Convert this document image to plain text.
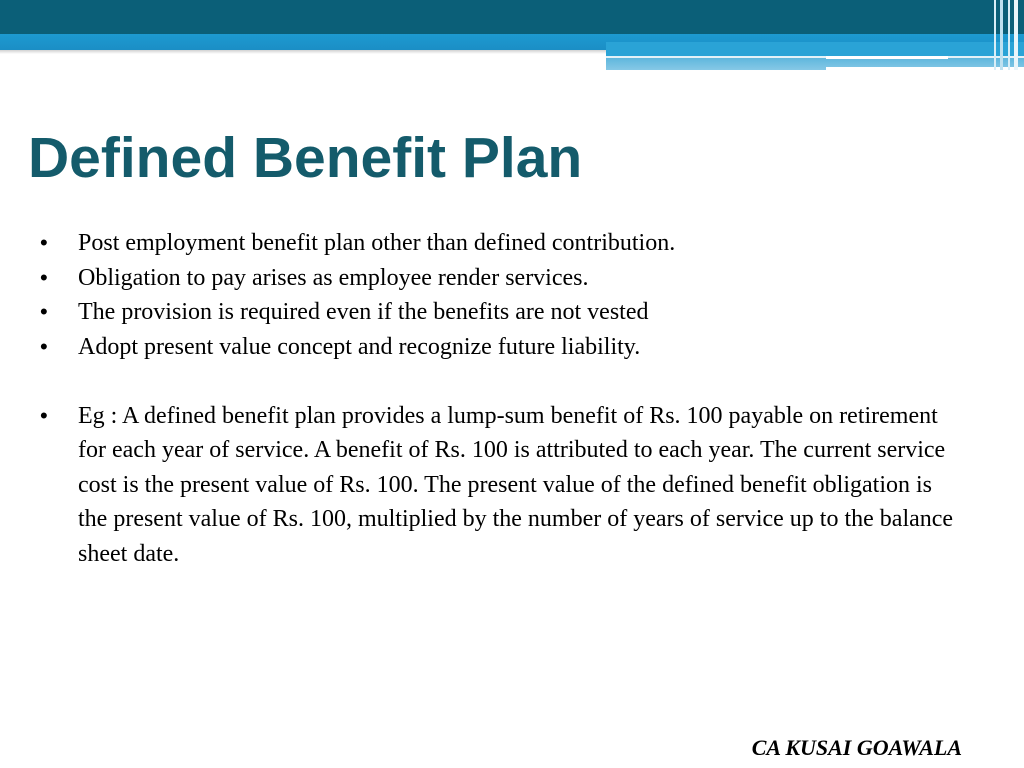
Defined Benefit Plan
• Post employment benefit plan other than defined contribution.
• Obligation to pay arises as employee render services.
• The provision is required even if the benefits are not vested
• Adopt present value concept and recognize future liability.
• Eg : A defined benefit plan provides a lump-sum benefit of Rs. 100 payable on retirement for each year of service. A benefit of Rs. 100 is attributed to each year. The current service cost is the present value of Rs. 100. The present value of the defined benefit obligation is the present value of Rs. 100, multiplied by the number of years of service up to the balance sheet date.
CA KUSAI GOAWALA
